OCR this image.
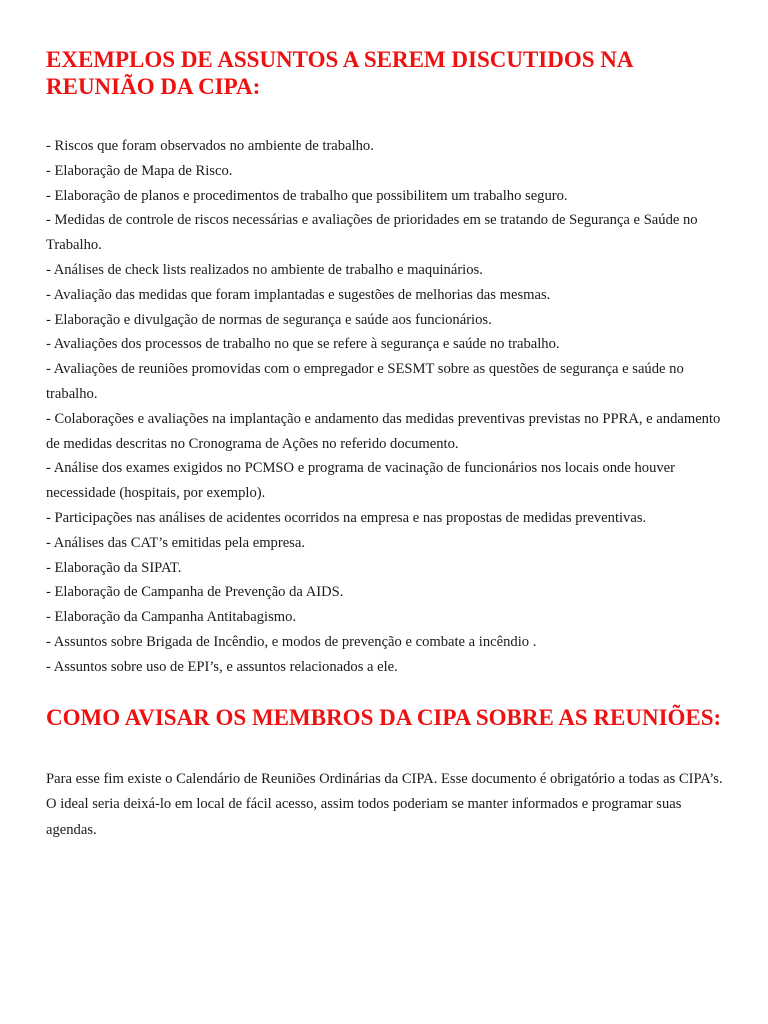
EXEMPLOS DE ASSUNTOS A SEREM DISCUTIDOS NA REUNIÃO DA CIPA:
- Riscos que foram observados no ambiente de trabalho.
- Elaboração de Mapa de Risco.
- Elaboração de planos e procedimentos de trabalho que possibilitem um trabalho seguro.
- Medidas de controle de riscos necessárias e avaliações de prioridades em se tratando de Segurança e Saúde no Trabalho.
- Análises de check lists realizados no ambiente de trabalho e maquinários.
- Avaliação das medidas que foram implantadas e sugestões de melhorias das mesmas.
- Elaboração e divulgação de normas de segurança e saúde aos funcionários.
- Avaliações dos processos de trabalho no que se refere à segurança e saúde no trabalho.
- Avaliações de reuniões promovidas com o empregador e SESMT sobre as questões de segurança e saúde no trabalho.
- Colaborações e avaliações na implantação e andamento das medidas preventivas previstas no PPRA, e andamento de medidas descritas no Cronograma de Ações no referido documento.
- Análise dos exames exigidos no PCMSO e programa de vacinação de funcionários nos locais onde houver necessidade (hospitais, por exemplo).
- Participações nas análises de acidentes ocorridos na empresa e nas propostas de medidas preventivas.
- Análises das CAT’s emitidas pela empresa.
- Elaboração da SIPAT.
- Elaboração de Campanha de Prevenção da AIDS.
- Elaboração da Campanha Antitabagismo.
- Assuntos sobre Brigada de Incêndio, e modos de prevenção e combate a incêndio .
- Assuntos sobre uso de EPI’s, e assuntos relacionados a ele.
COMO AVISAR OS MEMBROS DA CIPA SOBRE AS REUNIÕES:

Para esse fim existe o Calendário de Reuniões Ordinárias da CIPA. Esse documento é obrigatório a todas as CIPA’s.

O ideal seria deixá-lo em local de fácil acesso, assim todos poderiam se manter informados e programar suas agendas.
